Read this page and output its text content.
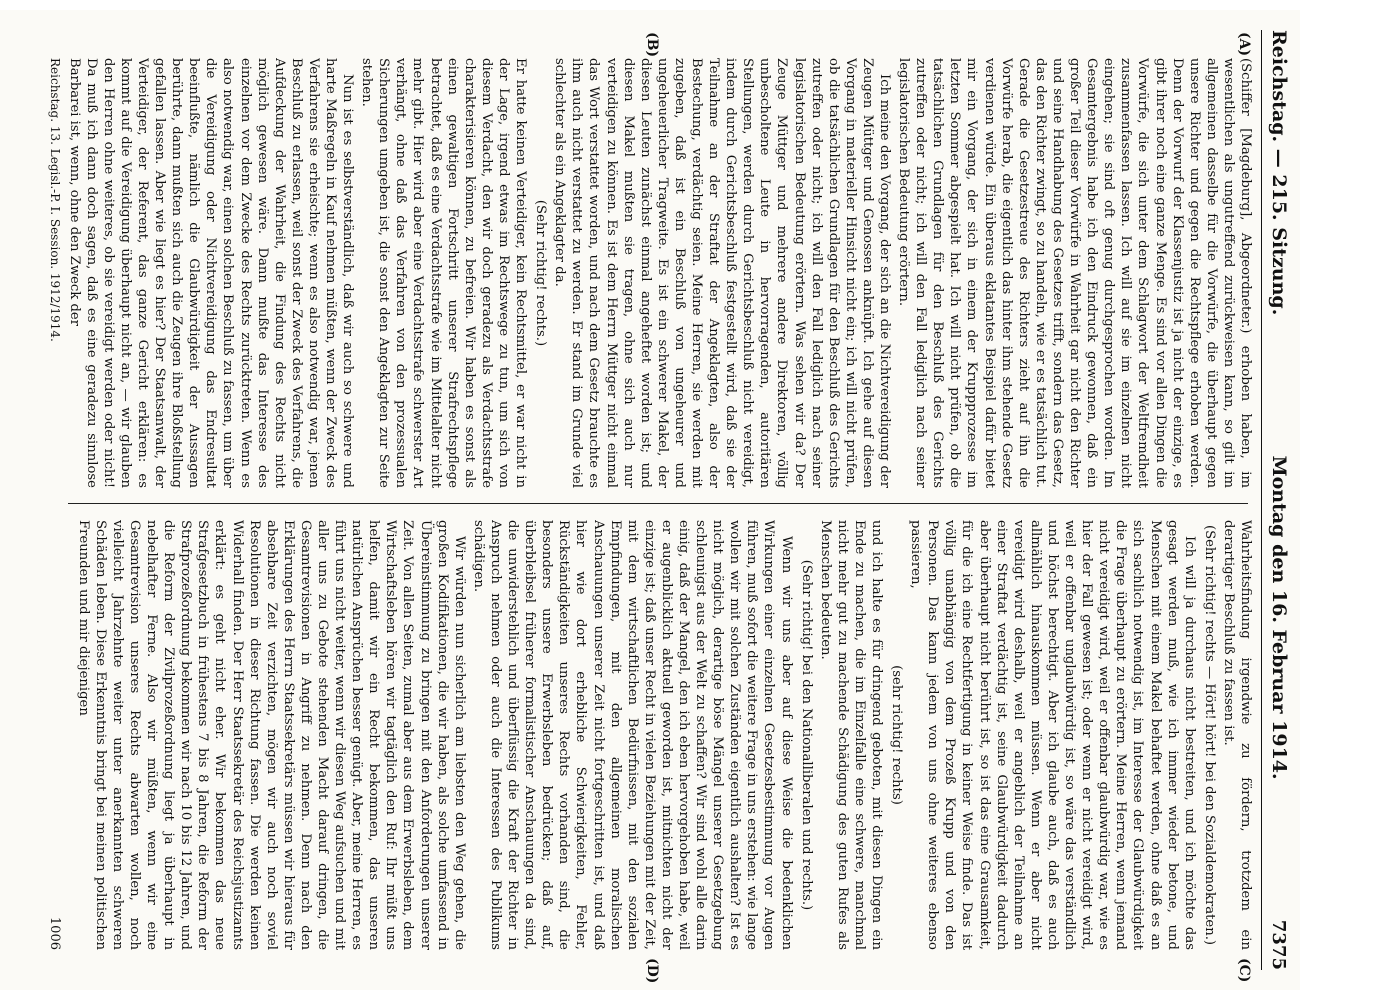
Reichstag. — 215. Sitzung.
Montag den 16. Februar 1914.
7375
(A)
(B)
(C)
(D)

(Schiffer [Magdeburg], Abgeordneter.) erhoben haben, im wesentlichen als ungutreffend zurückweisen kann, so gilt im allgemeinen dasselbe für die Vorwürfe, die überhaupt gegen unsere Richter und gegen die Rechtspflege erhoben werden. Denn der Vorwurf der Klassenjustiz ist ja nicht der einzige, es gibt ihrer noch eine ganze Menge. Es sind vor allen Dingen die Vorwürfe, die sich unter dem Schlagwort der Weltfremdheit zusammenfassen lassen. Ich will auf sie im einzelnen nicht eingehen; sie sind oft genug durchgesprochen worden. Im Gesamtergebnis habe ich den Eindruck gewonnen, daß ein großer Teil dieser Vorwürfe in Wahrheit gar nicht den Richter und seine Handhabung des Gesetzes trifft, sondern das Gesetz, das den Richter zwingt, so zu handeln, wie er es tatsächlich tut. Gerade die Gesetzestreue des Richters zieht auf ihn die Vorwürfe herab, die eigentlich das hinter ihm stehende Gesetz verdienen würde. Ein überaus eklatantes Beispiel dafür bietet mir ein Vorgang, der sich in einem der Kruppprozesse im letzten Sommer abgespielt hat. Ich will nicht prüfen, ob die tatsächlichen Grundlagen für den Beschluß des Gerichts zutreffen oder nicht; ich will den Fall lediglich nach seiner legislatorischen Bedeutung erörtern.

Ich meine den Vorgang, der sich an die Nichtvereidigung der Zeugen Müttger und Genossen anknüpft. Ich gehe auf diesen Vorgang in materieller Hinsicht nicht ein; ich will nicht prüfen, ob die tatsächlichen Grundlagen für den Beschluß des Gerichts zutreffen oder nicht; ich will den Fall lediglich nach seiner legislatorischen Bedeutung erörtern. Was sehen wir da? Der Zeuge Müttger und mehrere andere Direktoren, völlig unbescholtene Leute in hervorragenden, autoritären Stellungen, werden durch Gerichtsbeschluß nicht vereidigt, indem durch Gerichtsbeschluß festgestellt wird, daß sie der Teilnahme an der Straftat der Angeklagten, also der Bestechung, verdächtig seien. Meine Herren, sie werden mit zugeben, daß ist ein Beschluß von ungeheurer und ungeheuerlicher Tragweite. Es ist ein schwerer Makel, der diesen Leuten zunächst einmal angeheftet worden ist; und diesen Makel mußten sie tragen, ohne sich auch nur verteidigen zu können. Es ist dem Herrn Müttger nicht einmal das Wort verstattet worden, und nach dem Gesetz brauchte es ihm auch nicht verstattet zu werden. Er stand im Grunde viel schlechter als ein Angeklagter da.

(Sehr richtig! rechts.)

Er hatte keinen Verteidiger, kein Rechtsmittel, er war nicht in der Lage, irgend etwas im Rechtswege zu tun, um sich von diesem Verdacht, den wir doch geradezu als Verdachtsstrafe charakterisieren können, zu befreien. Wir haben es sonst als einen gewaltigen Fortschritt unserer Strafrechtspflege betrachtet, daß es eine Verdachtsstrafe wie im Mittelalter nicht mehr gibt. Hier wird aber eine Verdachtsstrafe schwerster Art verhängt, ohne daß das Verfahren von den prozessualen Sicherungen umgeben ist, die sonst den Angeklagten zur Seite stehen.

Nun ist es selbstverständlich, daß wir auch so schwere und harte Maßregeln in Kauf nehmen müßten, wenn der Zweck des Verfahrens sie erheischte; wenn es also notwendig war, jenen Beschluß zu erlassen, weil sonst der Zweck des Verfahrens, die Aufdeckung der Wahrheit, die Findung des Rechts nicht möglich gewesen wäre. Dann mußte das Interesse des einzelnen vor dem Zwecke des Rechts zurücktreten. Wenn es also notwendig war, einen solchen Beschluß zu fassen, um über die Vereidigung oder Nichtvereidigung das Endresultat beeinflußte, nämlich die Glaubwürdigkeit der Aussagen berührte, dann mußten sich auch die Zeugen ihre Bloßstellung gefallen lassen. Aber wie liegt es hier? Der Staatsanwalt, der Verteidiger, der Referent, das ganze Gericht erklären: es kommt auf die Vereidigung überhaupt nicht an, — wir glauben den Herren ohne weiteres, ob sie vereidigt werden oder nicht! Da muß ich dann doch sagen, daß es eine geradezu sinnlose Barbarei ist, wenn, ohne den Zweck der

Wahrheitsfindung irgendwie zu fördern, trotzdem ein derartiger Beschluß zu fassen ist.

(Sehr richtig! rechts — Hört! hört! bei den Sozialdemokraten.)

Ich will ja durchaus nicht bestreiten, und ich möchte das gesagt werden muß, wie ich immer wieder betone, und Menschen mit einem Makel behaftet werden, ohne daß es an sich sachlich notwendig ist, im Interesse der Glaubwürdigkeit die Frage überhaupt zu erörtern. Meine Herren, wenn jemand nicht vereidigt wird, weil er offenbar glaubwürdig war, wie es hier der Fall gewesen ist; oder wenn er nicht vereidigt wird, weil er offenbar unglaubwürdig ist, so wäre das verständlich und höchst berechtigt. Aber ich glaube auch, daß es auch allmählich hinauskommen müssen. Wenn er aber nicht vereidigt wird deshalb, weil er angeblich der Teilnahme an einer Straftat verdächtig ist, seine Glaubwürdigkeit dadurch aber überhaupt nicht berührt ist, so ist das eine Grausamkeit, für die ich eine Rechtfertigung in keiner Weise finde. Das ist völlig unabhängig von dem Prozeß Krupp und von den Personen. Das kann jedem von uns ohne weiteres ebenso passieren,

(sehr richtig! rechts)

und ich halte es für dringend geboten, mit diesen Dingen ein Ende zu machen, die im Einzelfalle eine schwere, manchmal nicht mehr gut zu machende Schädigung des guten Rufes als Menschen bedeuten.

(Sehr richtig! bei den Nationalliberalen und rechts.)

Wenn wir uns aber auf diese Weise die bedenklichen Wirkungen einer einzelnen Gesetzesbestimmung vor Augen führen, muß sofort die weitere Frage in uns erstehen: wie lange wollen wir mit solchen Zuständen eigentlich aushalten? Ist es nicht möglich, derartige böse Mängel unserer Gesetzgebung schleunigst aus der Welt zu schaffen? Wir sind wohl alle darin einig, daß der Mangel, den ich eben hervorgehoben habe, weil er augenblicklich aktuell geworden ist, mitnichten nicht der einzige ist; daß unser Recht in vielen Beziehungen mit der Zeit, mit dem wirtschaftlichen Bedürfnissen, mit den sozialen Empfindungen, mit den allgemeinen moralischen Anschauungen unserer Zeit nicht fortgeschritten ist, und daß hier wie dort erhebliche Schwierigkeiten, Fehler, Rückständigkeiten unseres Rechts vorhanden sind, die besonders unsere Erwerbsleben bedrücken; daß auf, überbleibsel früherer formalistischer Anschauungen da sind, die unwiderstehlich und überflüssig die Kraft der Richter in Anspruch nehmen oder auch die Interessen des Publikums schädigen.

Wir würden nun sicherlich am liebsten den Weg gehen, die großen Kodifikationen, die wir haben, als solche umfassend in Übereinstimmung zu bringen mit den Anforderungen unserer Zeit. Von allen Seiten, zumal aber aus dem Erwerbsleben, dem Wirtschaftsleben hören wir tagtäglich den Ruf: Ihr müßt uns helfen, damit wir ein Recht bekommen, das unseren natürlichen Ansprüchen besser genügt. Aber, meine Herren, es führt uns nicht weiter, wenn wir diesen Weg aufsuchen und mit aller uns zu Gebote stehenden Macht darauf dringen, die Gesamtrevisionen in Angriff zu nehmen. Denn nach den Erklärungen des Herrn Staatssekretärs müssen wir hieraus für absehbare Zeit verzichten, mögen wir auch noch soviel Resolutionen in dieser Richtung fassen. Die werden keinen Widerhall finden. Der Herr Staatssekretär des Reichsjustizamts erklärt: es geht nicht eher. Wir bekommen das neue Strafgesetzbuch in frühestens 7 bis 8 Jahren, die Reform der Strafprozeßordnung bekommen wir nach 10 bis 12 Jahren, und die Reform der Zivilprozeßordnung liegt ja überhaupt in nebelhafter Ferne. Also wir müßten, wenn wir eine Gesamtrevision unseres Rechts abwarten wollen, noch vielleicht Jahrzehnte weiter unter anerkannten schweren Schäden leben. Diese Erkenntnis bringt bei meinen politischen Freunden und mir diejenigen

Reichstag. 13. Legisl.-P. I. Session. 1912/1914.
1006
